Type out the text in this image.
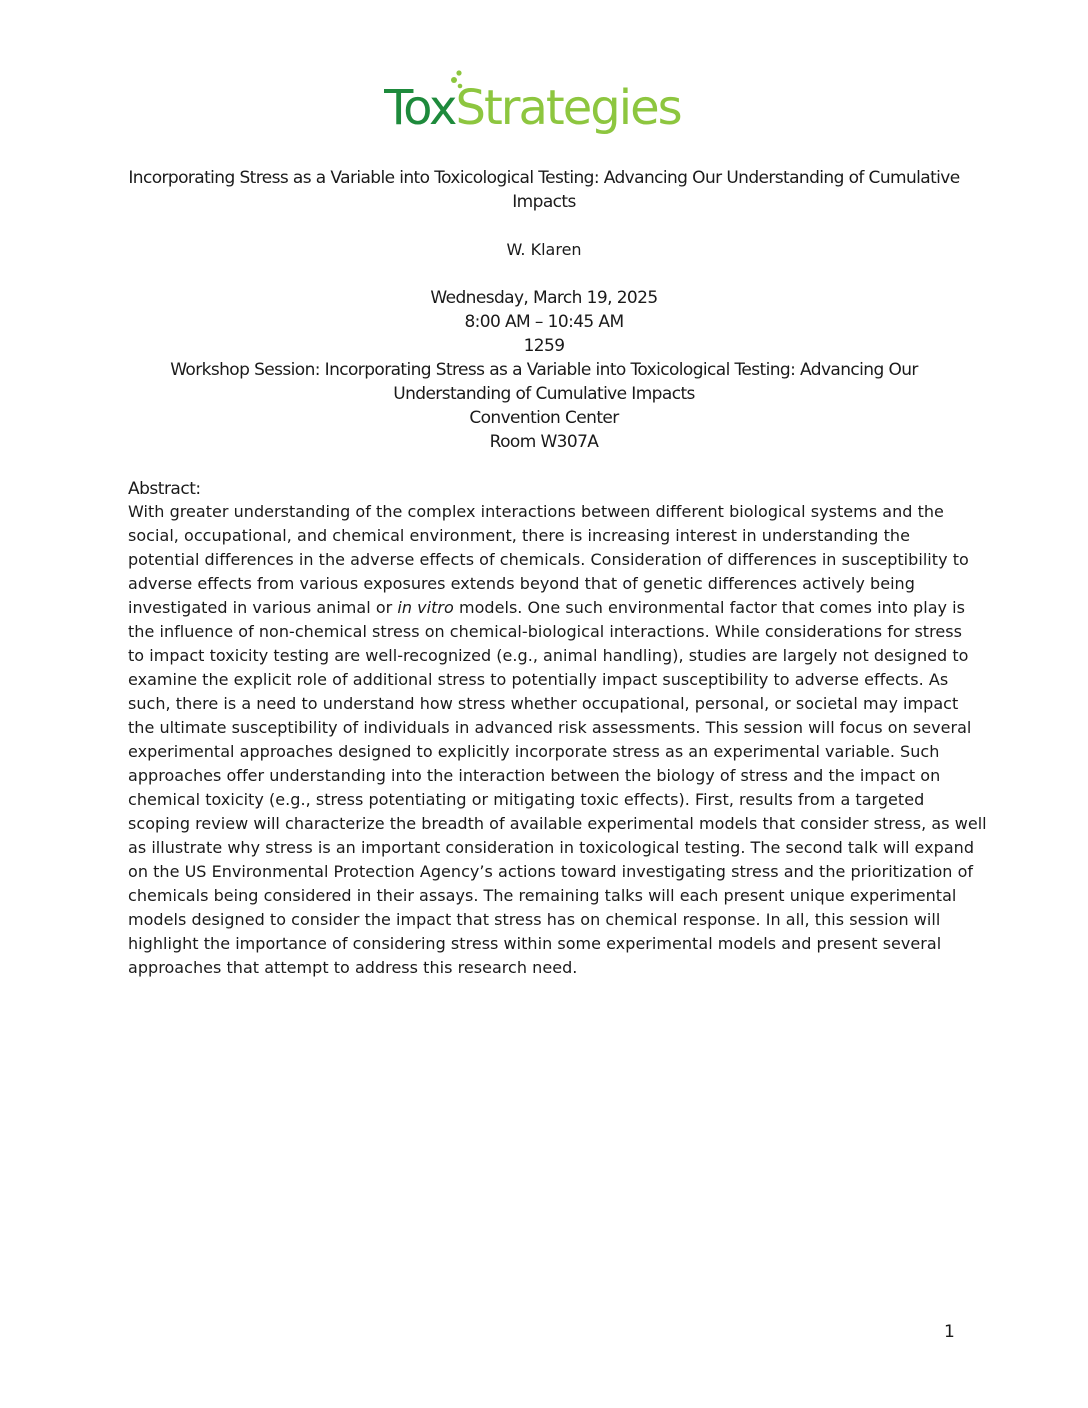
ToxStrategies
Incorporating Stress as a Variable into Toxicological Testing: Advancing Our Understanding of Cumulative Impacts
W. Klaren
Wednesday, March 19, 2025
8:00 AM – 10:45 AM
1259
Workshop Session: Incorporating Stress as a Variable into Toxicological Testing: Advancing Our Understanding of Cumulative Impacts
Convention Center
Room W307A
Abstract:
With greater understanding of the complex interactions between different biological systems and the
social, occupational, and chemical environment, there is increasing interest in understanding the
potential differences in the adverse effects of chemicals. Consideration of differences in susceptibility to
adverse effects from various exposures extends beyond that of genetic differences actively being
investigated in various animal or in vitro models. One such environmental factor that comes into play is
the influence of non-chemical stress on chemical-biological interactions. While considerations for stress
to impact toxicity testing are well-recognized (e.g., animal handling), studies are largely not designed to
examine the explicit role of additional stress to potentially impact susceptibility to adverse effects. As
such, there is a need to understand how stress whether occupational, personal, or societal may impact
the ultimate susceptibility of individuals in advanced risk assessments. This session will focus on several
experimental approaches designed to explicitly incorporate stress as an experimental variable. Such
approaches offer understanding into the interaction between the biology of stress and the impact on
chemical toxicity (e.g., stress potentiating or mitigating toxic effects). First, results from a targeted
scoping review will characterize the breadth of available experimental models that consider stress, as well
as illustrate why stress is an important consideration in toxicological testing. The second talk will expand
on the US Environmental Protection Agency’s actions toward investigating stress and the prioritization of
chemicals being considered in their assays. The remaining talks will each present unique experimental
models designed to consider the impact that stress has on chemical response. In all, this session will
highlight the importance of considering stress within some experimental models and present several
approaches that attempt to address this research need.
1
